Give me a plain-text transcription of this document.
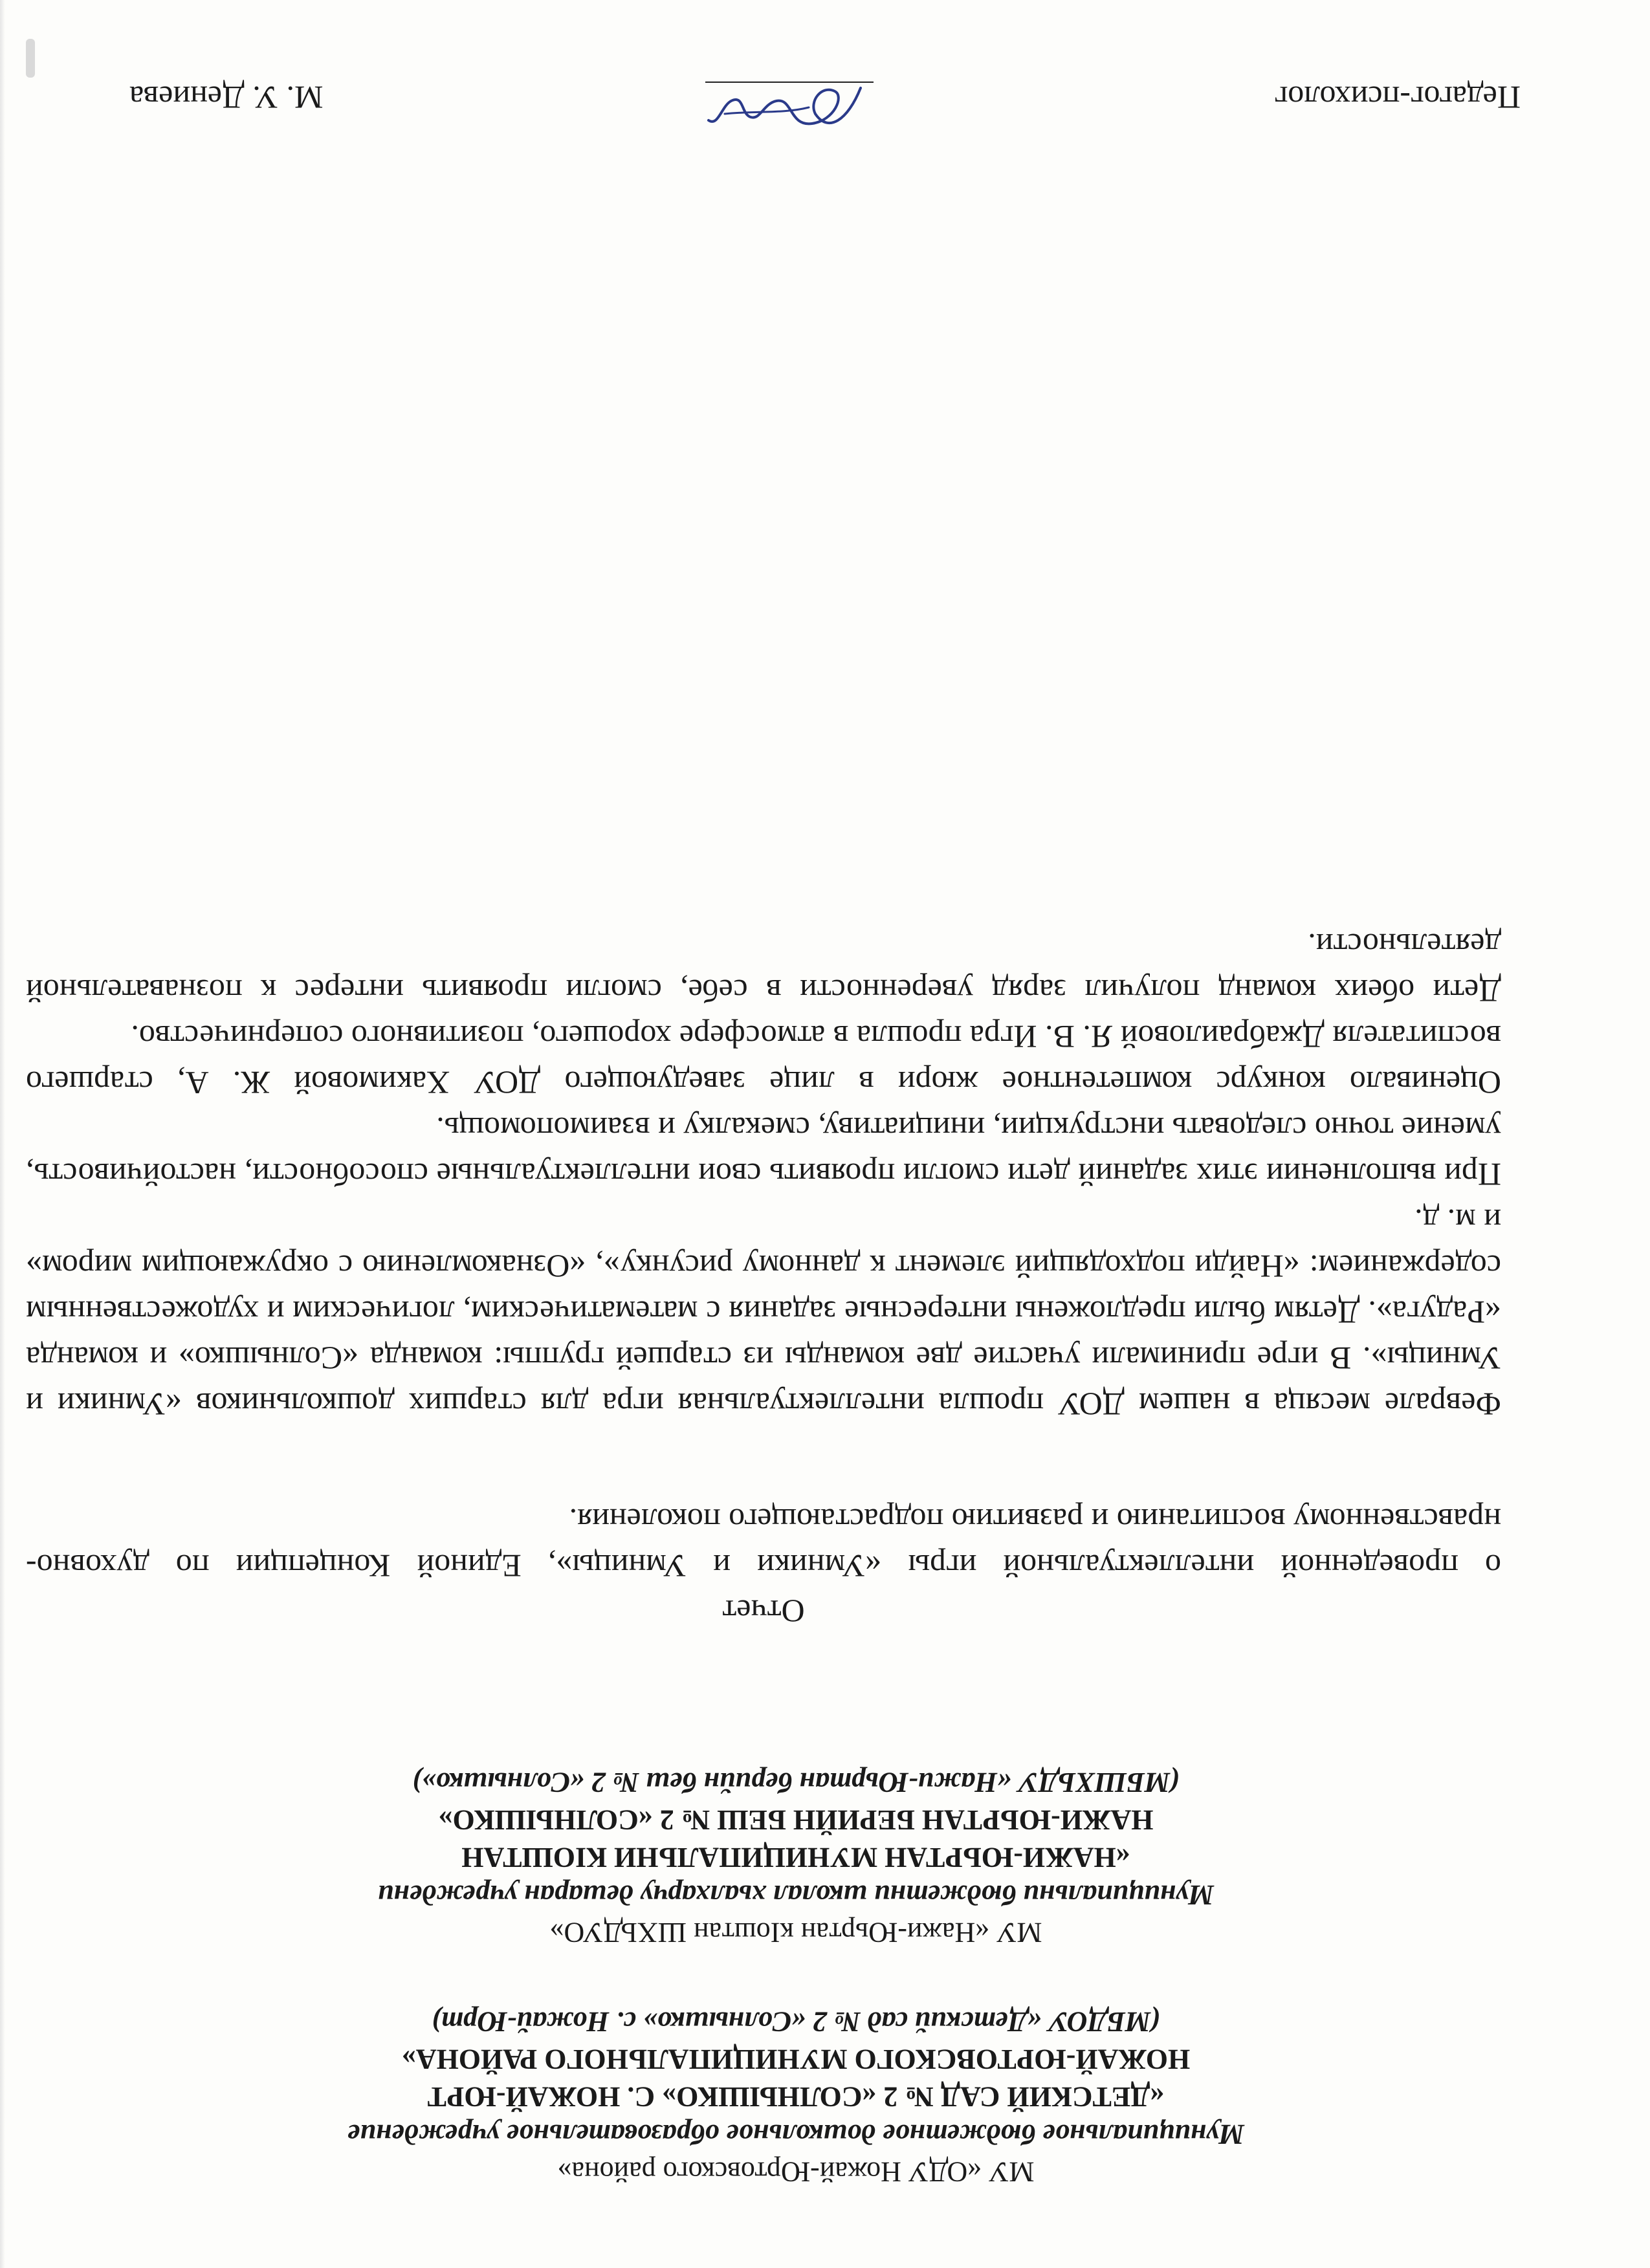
МУ «ОДУ Ножай-Юртовского района»
Муниципальное бюджетное дошкольное образовательное учреждение
«ДЕТСКИЙ САД № 2 «СОЛНЫШКО» С. НОЖАЙ-ЮРТ
НОЖАЙ-ЮРТОВСКОГО МУНИЦИПАЛЬНОГО РАЙОНА»
(МБДОУ «Детский сад № 2 «Солнышко» с. Ножай-Юрт)
МУ «Нажи-Юьртан кІоштан ШХЬДУО»
Муниципальни бюджетни школал хьалхарчу дешаран учреждени
«НАЖИ-ЮЬРТАН МУНИЦИПАЛЬНИ КІОШТАН
НАЖИ-ЮЬРТАН БЕРИЙН БЕШ № 2 «СОЛНЫШКО»
(МБШХЬДУ «Нажи-Юьртан берийн беш № 2 «Солнышко»)
Отчет

о проведенной интеллектуальной игры «Умники и Умницы», Единой Концепции по духовно-нравственному воспитанию и развитию подрастающего поколения.

Феврале месяца в нашем ДОУ прошла интеллектуальная игра для старших дошкольников «Умники и Умницы». В игре принимали участие две команды из старшей группы: команда «Солнышко» и команда «Радуга». Детям были предложены интересные задания с математическим, логическим и художественным содержанием: «Найди подходящий элемент к данному рисунку», «Ознакомлению с окружающим миром» и м. д.

При выполнении этих заданий дети смогли проявить свои интеллектуальные способности, настойчивость, умение точно следовать инструкции, инициативу, смекалку и взаимопомощь.

Оценивало конкурс компетентное жюри в лице заведующего ДОУ Хакимовой Ж. А, старшего воспитателя Джабраиловой Я. В. Игра прошла в атмосфере хорошего, позитивного соперничество.

Дети обеих команд получил заряд уверенности в себе, смогли проявить интерес к познавательной деятельности.

Педагог-психолог
М. У. Дениева
